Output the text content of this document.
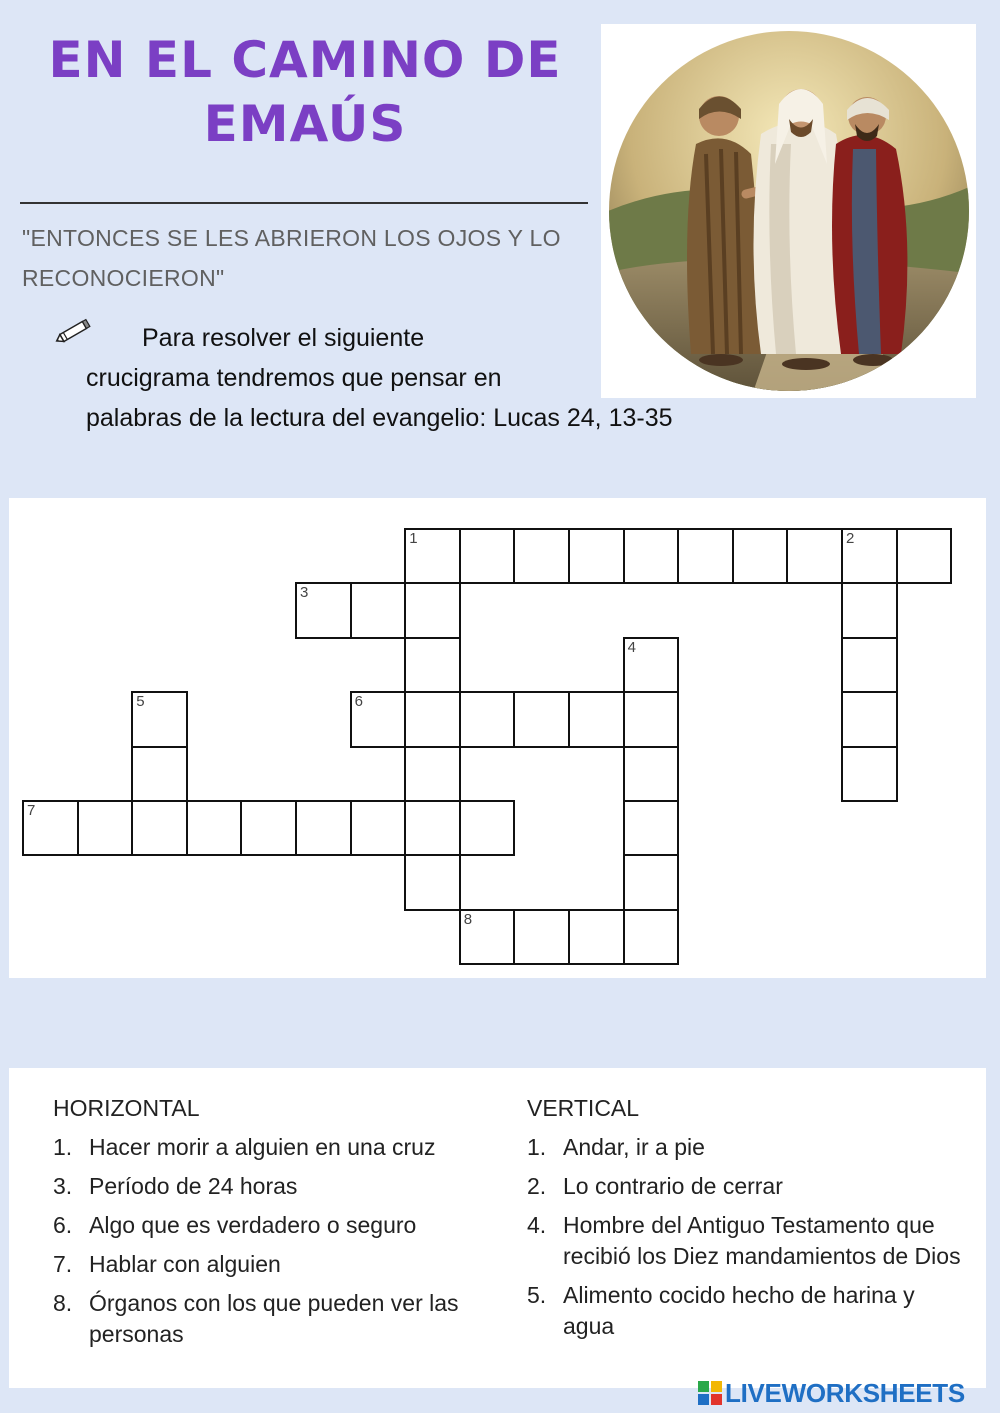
EN EL CAMINO DE
EMAÚS
"ENTONCES SE LES ABRIERON LOS OJOS Y LO
RECONOCIERON"
Para resolver el siguiente
crucigrama tendremos que pensar en
palabras de la lectura del evangelio: Lucas 24, 13-35
1	2
3
4
5	6
7
8
HORIZONTAL
1. Hacer morir a alguien en una cruz
3. Período de 24 horas
6. Algo que es verdadero o seguro
7. Hablar con alguien
8. Órganos con los que pueden ver las personas
VERTICAL
1. Andar, ir a pie
2. Lo contrario de cerrar
4. Hombre del Antiguo Testamento que recibió los Diez mandamientos de Dios
5. Alimento cocido hecho de harina y agua
LIVEWORKSHEETS
